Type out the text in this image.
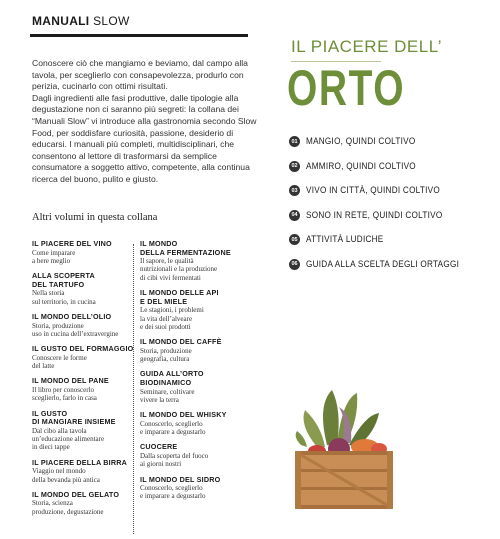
MANUALI SLOW

Conoscere ciò che mangiamo e beviamo, dal campo alla tavola, per sceglierlo con consapevolezza, produrlo con perizia, cucinarlo con ottimi risultati.

Dagli ingredienti alle fasi produttive, dalle tipologie alla degustazione non ci saranno più segreti: la collana dei “Manuali Slow” vi introduce alla gastronomia secondo Slow Food, per soddisfare curiosità, passione, desiderio di educarsi. I manuali più completi, multidisciplinari, che consentono al lettore di trasformarsi da semplice consumatore a soggetto attivo, competente, alla continua ricerca del buono, pulito e giusto.

Altri volumi in questa collana
IL PIACERE DEL VINO
Come imparare
a bere meglio
ALLA SCOPERTA
DEL TARTUFO
Nella storia
sul territorio, in cucina
IL MONDO DELL’OLIO
Storia, produzione
uso in cucina dell’extravergine
IL GUSTO DEL FORMAGGIO
Conoscere le forme
del latte
IL MONDO DEL PANE
Il libro per conoscerlo
sceglierlo, farlo in casa
IL GUSTO
DI MANGIARE INSIEME
Dal cibo alla tavola
un’educazione alimentare
in dieci tappe
IL PIACERE DELLA BIRRA
Viaggio nel mondo
della bevanda più antica
IL MONDO DEL GELATO
Storia, scienza
produzione, degustazione
IL MONDO
DELLA FERMENTAZIONE
Il sapore, le qualità
nutrizionali e la produzione
di cibi vivi fermentati
IL MONDO DELLE API
E DEL MIELE
Le stagioni, i problemi
la vita dell’alveare
e dei suoi prodotti
IL MONDO DEL CAFFÈ
Storia, produzione
geografia, cultura
GUIDA ALL’ORTO
BIODINAMICO
Seminare, coltivare
vivere la terra
IL MONDO DEL WHISKY
Conoscerlo, sceglierlo
e imparare a degustarlo
CUOCERE
Dalla scoperta del fuoco
ai giorni nostri
IL MONDO DEL SIDRO
Conoscerlo, sceglierlo
e imparare a degustarlo
IL PIACERE DELL’
ORTO
01 MANGIO, QUINDI COLTIVO
02 AMMIRO, QUINDI COLTIVO
03 VIVO IN CITTÀ, QUINDI COLTIVO
04 SONO IN RETE, QUINDI COLTIVO
05 ATTIVITÀ LUDICHE
06 GUIDA ALLA SCELTA DEGLI ORTAGGI
